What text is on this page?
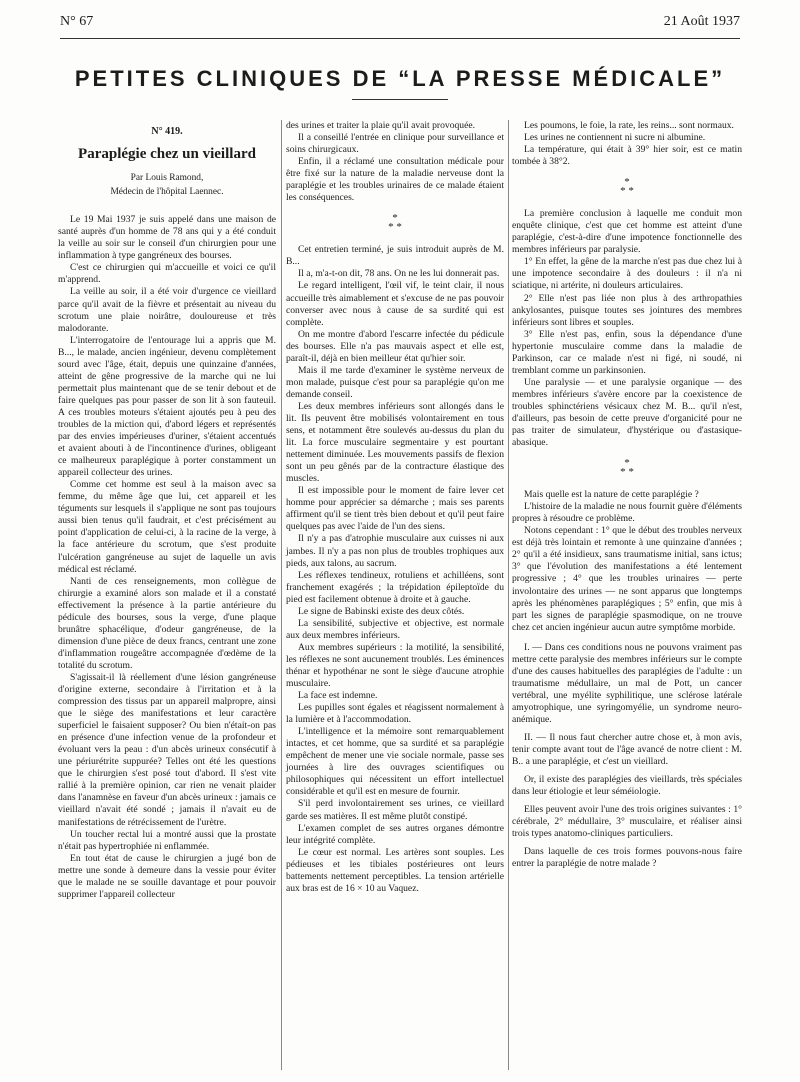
N° 67	21 Août 1937
PETITES CLINIQUES DE “LA PRESSE MÉDICALE”
N° 419.
Paraplégie chez un vieillard
Par Louis Ramond,
Médecin de l'hôpital Laennec.

Le 19 Mai 1937 je suis appelé dans une maison de santé auprès d'un homme de 78 ans qui y a été conduit la veille au soir sur le conseil d'un chirurgien pour une inflammation à type gangréneux des bourses.

C'est ce chirurgien qui m'accueille et voici ce qu'il m'apprend.

La veille au soir, il a été voir d'urgence ce vieillard parce qu'il avait de la fièvre et présentait au niveau du scrotum une plaie noirâtre, douloureuse et très malodorante.

L'interrogatoire de l'entourage lui a appris que M. B..., le malade, ancien ingénieur, devenu complètement sourd avec l'âge, était, depuis une quinzaine d'années, atteint de gêne progressive de la marche qui ne lui permettait plus maintenant que de se tenir debout et de faire quelques pas pour passer de son lit à son fauteuil. A ces troubles moteurs s'étaient ajoutés peu à peu des troubles de la miction qui, d'abord légers et représentés par des envies impérieuses d'uriner, s'étaient accentués et avaient abouti à de l'incontinence d'urines, obligeant ce malheureux paraplégique à porter constamment un appareil collecteur des urines.

Comme cet homme est seul à la maison avec sa femme, du même âge que lui, cet appareil et les téguments sur lesquels il s'applique ne sont pas toujours aussi bien tenus qu'il faudrait, et c'est précisément au point d'application de celui-ci, à la racine de la verge, à la face antérieure du scrotum, que s'est produite l'ulcération gangréneuse au sujet de laquelle un avis médical est réclamé.

Nanti de ces renseignements, mon collègue de chirurgie a examiné alors son malade et il a constaté effectivement la présence à la partie antérieure du pédicule des bourses, sous la verge, d'une plaque brunâtre sphacélique, d'odeur gangréneuse, de la dimension d'une pièce de deux francs, centrant une zone d'inflammation rougeâtre accompagnée d'œdème de la totalité du scrotum.

S'agissait-il là réellement d'une lésion gangréneuse d'origine externe, secondaire à l'irritation et à la compression des tissus par un appareil malpropre, ainsi que le siège des manifestations et leur caractère superficiel le faisaient supposer? Ou bien n'était-on pas en présence d'une infection venue de la profondeur et évoluant vers la peau : d'un abcès urineux consécutif à une périurétrite suppurée? Telles ont été les questions que le chirurgien s'est posé tout d'abord. Il s'est vite rallié à la première opinion, car rien ne venait plaider dans l'anamnèse en faveur d'un abcès urineux : jamais ce vieillard n'avait été sondé ; jamais il n'avait eu de manifestations de rétrécissement de l'urètre.

Un toucher rectal lui a montré aussi que la prostate n'était pas hypertrophiée ni enflammée.

En tout état de cause le chirurgien a jugé bon de mettre une sonde à demeure dans la vessie pour éviter que le malade ne se souille davantage et pour pouvoir supprimer l'appareil collecteur

des urines et traiter la plaie qu'il avait provoquée.

Il a conseillé l'entrée en clinique pour surveillance et soins chirurgicaux.

Enfin, il a réclamé une consultation médicale pour être fixé sur la nature de la maladie nerveuse dont la paraplégie et les troubles urinaires de ce malade étaient les conséquences.

*
* *

Cet entretien terminé, je suis introduit auprès de M. B...

Il a, m'a-t-on dit, 78 ans. On ne les lui donnerait pas.

Le regard intelligent, l'œil vif, le teint clair, il nous accueille très aimablement et s'excuse de ne pas pouvoir converser avec nous à cause de sa surdité qui est complète.

On me montre d'abord l'escarre infectée du pédicule des bourses. Elle n'a pas mauvais aspect et elle est, paraît-il, déjà en bien meilleur état qu'hier soir.

Mais il me tarde d'examiner le système nerveux de mon malade, puisque c'est pour sa paraplégie qu'on me demande conseil.

Les deux membres inférieurs sont allongés dans le lit. Ils peuvent être mobilisés volontairement en tous sens, et notamment être soulevés au-dessus du plan du lit. La force musculaire segmentaire y est pourtant nettement diminuée. Les mouvements passifs de flexion sont un peu gênés par de la contracture élastique des muscles.

Il est impossible pour le moment de faire lever cet homme pour apprécier sa démarche ; mais ses parents affirment qu'il se tient très bien debout et qu'il peut faire quelques pas avec l'aide de l'un des siens.

Il n'y a pas d'atrophie musculaire aux cuisses ni aux jambes. Il n'y a pas non plus de troubles trophiques aux pieds, aux talons, au sacrum.

Les réflexes tendineux, rotuliens et achilléens, sont franchement exagérés ; la trépidation épileptoïde du pied est facilement obtenue à droite et à gauche.

Le signe de Babinski existe des deux côtés.

La sensibilité, subjective et objective, est normale aux deux membres inférieurs.

Aux membres supérieurs : la motilité, la sensibilité, les réflexes ne sont aucunement troublés. Les éminences thénar et hypothénar ne sont le siège d'aucune atrophie musculaire.

La face est indemne.

Les pupilles sont égales et réagissent normalement à la lumière et à l'accommodation.

L'intelligence et la mémoire sont remarquablement intactes, et cet homme, que sa surdité et sa paraplégie empêchent de mener une vie sociale normale, passe ses journées à lire des ouvrages scientifiques ou philosophiques qui nécessitent un effort intellectuel considérable et qu'il est en mesure de fournir.

S'il perd involontairement ses urines, ce vieillard garde ses matières. Il est même plutôt constipé.

L'examen complet de ses autres organes démontre leur intégrité complète.

Le cœur est normal. Les artères sont souples. Les pédieuses et les tibiales postérieures ont leurs battements nettement perceptibles. La tension artérielle aux bras est de 16 × 10 au Vaquez.

Les poumons, le foie, la rate, les reins... sont normaux.

Les urines ne contiennent ni sucre ni albumine.

La température, qui était à 39° hier soir, est ce matin tombée à 38°2.

*
* *

La première conclusion à laquelle me conduit mon enquête clinique, c'est que cet homme est atteint d'une paraplégie, c'est-à-dire d'une impotence fonctionnelle des membres inférieurs par paralysie.

1° En effet, la gêne de la marche n'est pas due chez lui à une impotence secondaire à des douleurs : il n'a ni sciatique, ni artérite, ni douleurs articulaires.

2° Elle n'est pas liée non plus à des arthropathies ankylosantes, puisque toutes ses jointures des membres inférieurs sont libres et souples.

3° Elle n'est pas, enfin, sous la dépendance d'une hypertonie musculaire comme dans la maladie de Parkinson, car ce malade n'est ni figé, ni soudé, ni tremblant comme un parkinsonien.

Une paralysie — et une paralysie organique — des membres inférieurs s'avère encore par la coexistence de troubles sphinctériens vésicaux chez M. B... qu'il n'est, d'ailleurs, pas besoin de cette preuve d'organicité pour ne pas traiter de simulateur, d'hystérique ou d'astasique-abasique.

*
* *

Mais quelle est la nature de cette paraplégie ?

L'histoire de la maladie ne nous fournit guère d'éléments propres à résoudre ce problème.

Notons cependant : 1° que le début des troubles nerveux est déjà très lointain et remonte à une quinzaine d'années ; 2° qu'il a été insidieux, sans traumatisme initial, sans ictus; 3° que l'évolution des manifestations a été lentement progressive ; 4° que les troubles urinaires — perte involontaire des urines — ne sont apparus que longtemps après les phénomènes paraplégiques ; 5° enfin, que mis à part les signes de paraplégie spasmodique, on ne trouve chez cet ancien ingénieur aucun autre symptôme morbide.

I. — Dans ces conditions nous ne pouvons vraiment pas mettre cette paralysie des membres inférieurs sur le compte d'une des causes habituelles des paraplégies de l'adulte : un traumatisme médullaire, un mal de Pott, un cancer vertébral, une myélite syphilitique, une sclérose latérale amyotrophique, une syringomyélie, un syndrome neuro-anémique.

II. — Il nous faut chercher autre chose et, à mon avis, tenir compte avant tout de l'âge avancé de notre client : M. B.. a une paraplégie, et c'est un vieillard.

Or, il existe des paraplégies des vieillards, très spéciales dans leur étiologie et leur séméiologie.

Elles peuvent avoir l'une des trois origines suivantes : 1° cérébrale, 2° médullaire, 3° musculaire, et réaliser ainsi trois types anatomo-cliniques particuliers.

Dans laquelle de ces trois formes pouvons-nous faire entrer la paraplégie de notre malade ?
